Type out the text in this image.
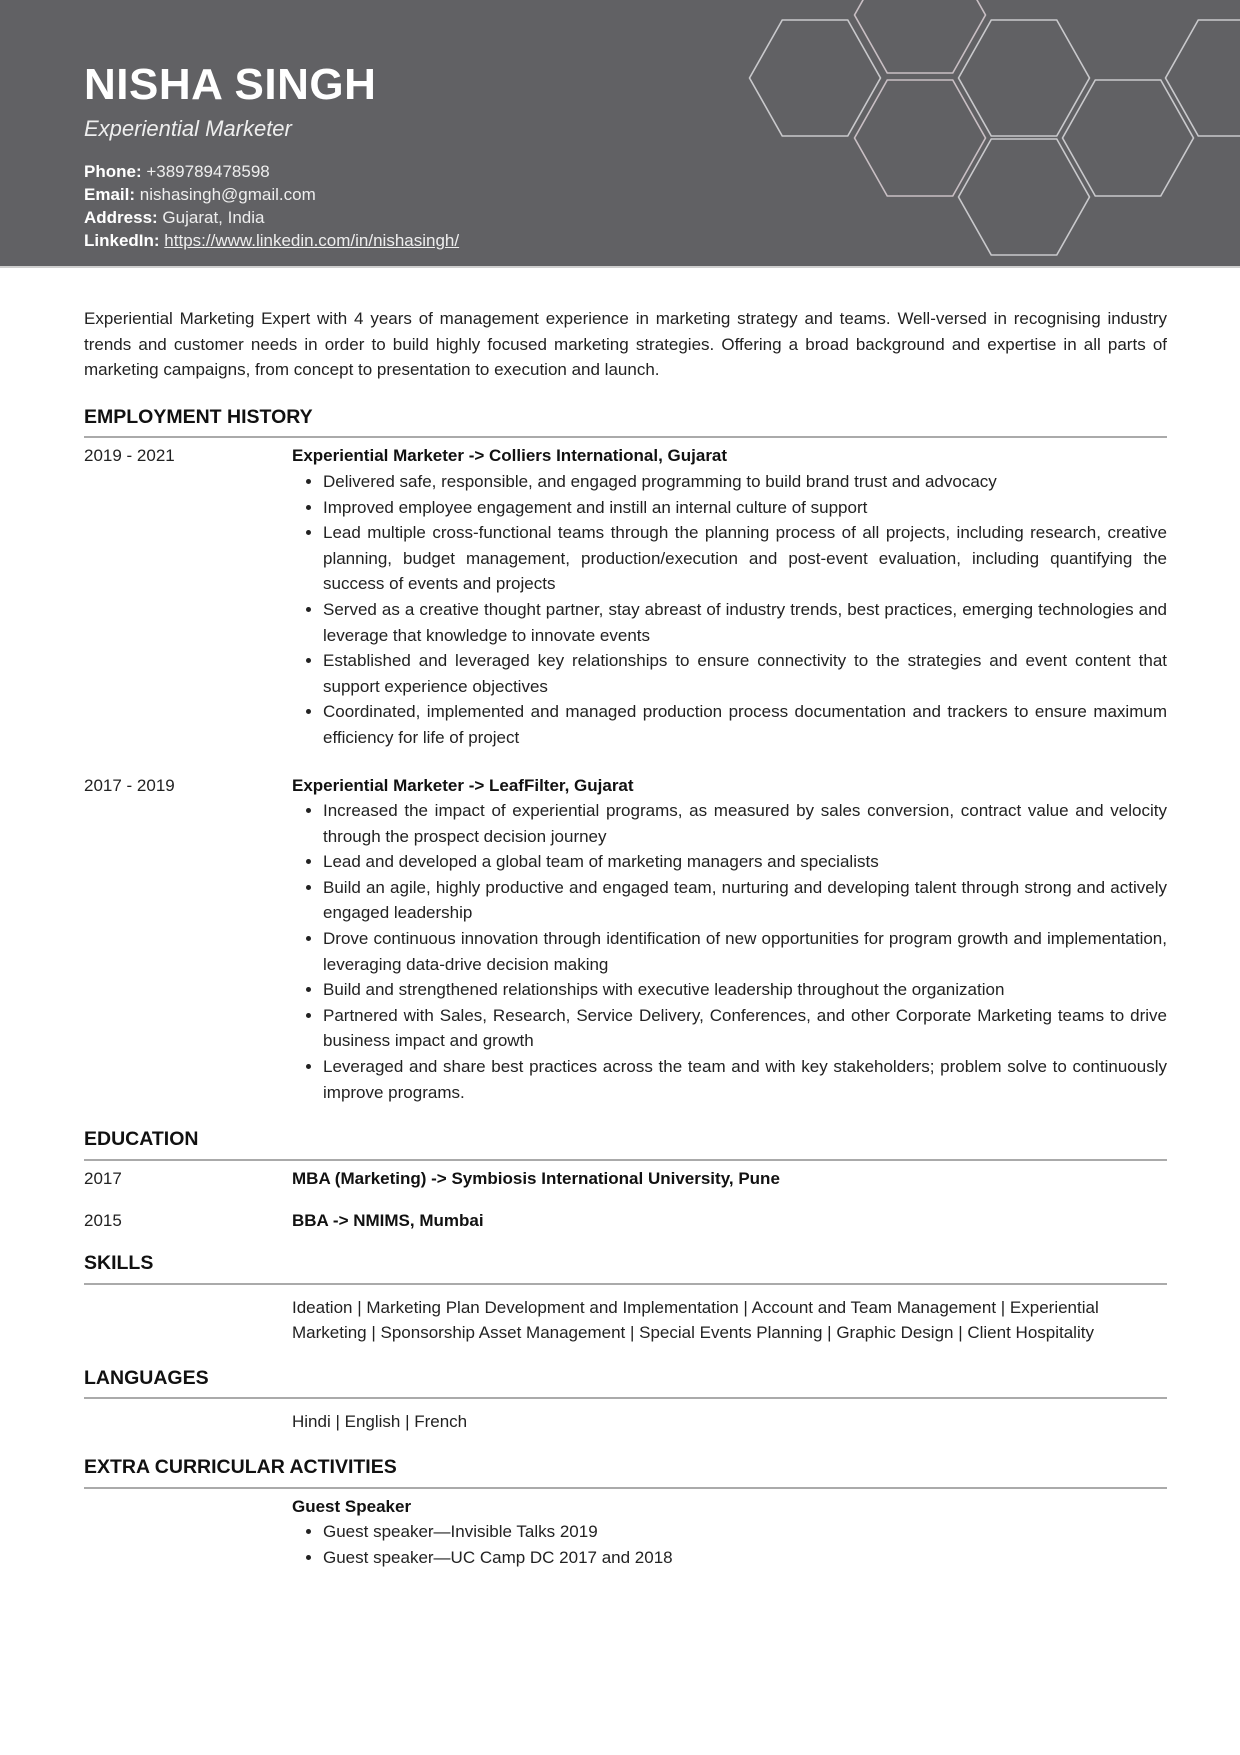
NISHA SINGH
Experiential Marketer
Phone: +389789478598
Email: nishasingh@gmail.com
Address: Gujarat, India
LinkedIn: https://www.linkedin.com/in/nishasingh/

Experiential Marketing Expert with 4 years of management experience in marketing strategy and teams. Well-versed in recognising industry trends and customer needs in order to build highly focused marketing strategies. Offering a broad background and expertise in all parts of marketing campaigns, from concept to presentation to execution and launch.

EMPLOYMENT HISTORY
2019 - 2021	Experiential Marketer -> Colliers International, Gujarat
• Delivered safe, responsible, and engaged programming to build brand trust and advocacy
• Improved employee engagement and instill an internal culture of support
• Lead multiple cross-functional teams through the planning process of all projects, including research, creative planning, budget management, production/execution and post-event evaluation, including quantifying the success of events and projects
• Served as a creative thought partner, stay abreast of industry trends, best practices, emerging technologies and leverage that knowledge to innovate events
• Established and leveraged key relationships to ensure connectivity to the strategies and event content that support experience objectives
• Coordinated, implemented and managed production process documentation and trackers to ensure maximum efficiency for life of project
2017 - 2019	Experiential Marketer -> LeafFilter, Gujarat
• Increased the impact of experiential programs, as measured by sales conversion, contract value and velocity through the prospect decision journey
• Lead and developed a global team of marketing managers and specialists
• Build an agile, highly productive and engaged team, nurturing and developing talent through strong and actively engaged leadership
• Drove continuous innovation through identification of new opportunities for program growth and implementation, leveraging data-drive decision making
• Build and strengthened relationships with executive leadership throughout the organization
• Partnered with Sales, Research, Service Delivery, Conferences, and other Corporate Marketing teams to drive business impact and growth
• Leveraged and share best practices across the team and with key stakeholders; problem solve to continuously improve programs.
EDUCATION
2017	MBA (Marketing) -> Symbiosis International University, Pune
2015	BBA -> NMIMS, Mumbai
SKILLS
Ideation | Marketing Plan Development and Implementation | Account and Team Management | Experiential Marketing | Sponsorship Asset Management | Special Events Planning | Graphic Design | Client Hospitality
LANGUAGES
Hindi | English | French
EXTRA CURRICULAR ACTIVITIES
Guest Speaker
• Guest speaker—Invisible Talks 2019
• Guest speaker—UC Camp DC 2017 and 2018
